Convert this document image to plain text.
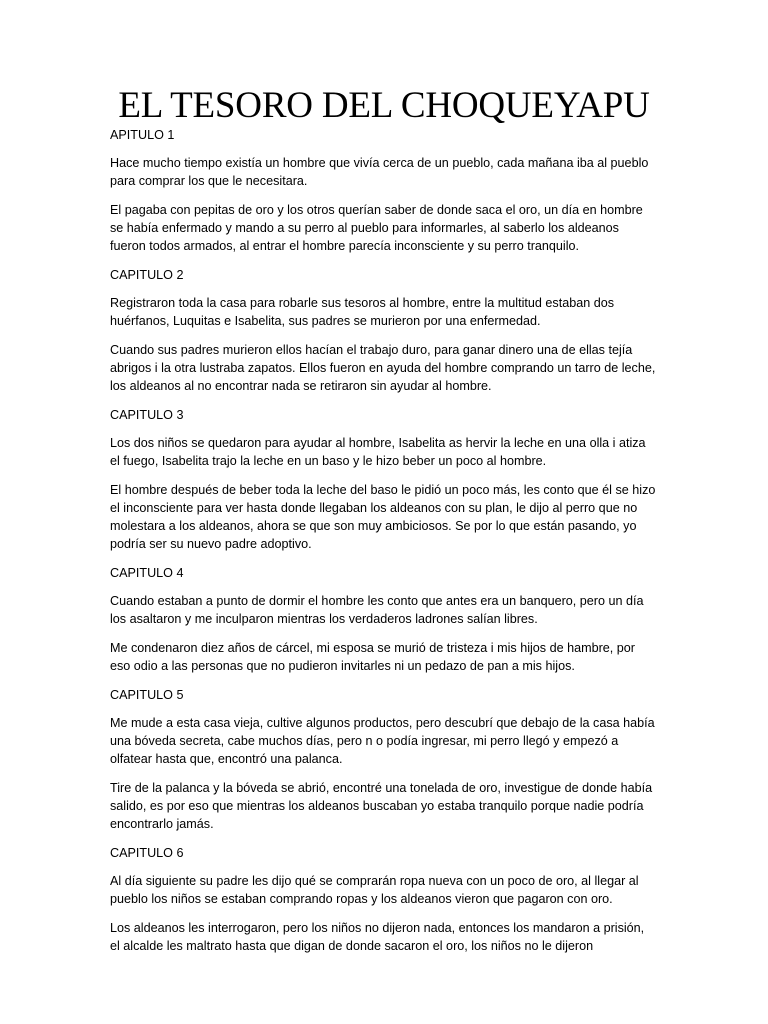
EL TESORO DEL CHOQUEYAPU

APITULO 1

Hace mucho tiempo existía un hombre que vivía cerca de un pueblo, cada mañana iba al pueblo para comprar los que le necesitara.

El pagaba con pepitas de oro y los otros querían saber de donde saca el oro, un día en hombre se había enfermado y mando a su perro al pueblo para informarles, al saberlo los aldeanos fueron todos armados, al entrar el hombre parecía inconsciente y su perro tranquilo.

CAPITULO 2

Registraron toda la casa para robarle sus tesoros al hombre, entre la multitud estaban dos huérfanos, Luquitas e Isabelita, sus padres se murieron por una enfermedad.

Cuando sus padres murieron ellos hacían el trabajo duro, para ganar dinero una de ellas tejía abrigos i la otra lustraba zapatos. Ellos fueron en ayuda del hombre comprando un tarro de leche, los aldeanos al no encontrar nada se retiraron sin ayudar al hombre.

CAPITULO 3

Los dos niños se quedaron para ayudar al hombre, Isabelita as hervir la leche en una olla i atiza el fuego, Isabelita trajo la leche en un baso y le hizo beber un poco al hombre.

El hombre después de beber toda la leche del baso le pidió un poco más, les conto que él se hizo el inconsciente para ver hasta donde llegaban los aldeanos con su plan, le dijo al perro que no molestara a los aldeanos, ahora se que son muy ambiciosos. Se por lo que están pasando, yo podría ser su nuevo padre adoptivo.

CAPITULO 4

Cuando estaban a punto de dormir el hombre les conto que antes era un banquero, pero un día los asaltaron y me inculparon mientras los verdaderos ladrones salían libres.

Me condenaron diez años de cárcel, mi esposa se murió de tristeza i mis hijos de hambre, por eso odio a las personas que no pudieron invitarles ni un pedazo de pan a mis hijos.

CAPITULO 5

Me mude a esta casa vieja, cultive algunos productos, pero descubrí que debajo de la casa había una bóveda secreta, cabe muchos días, pero n o podía ingresar, mi perro llegó y empezó a olfatear hasta que, encontró una palanca.

Tire de la palanca y la bóveda se abrió, encontré una tonelada de oro, investigue de donde había salido, es por eso que mientras los aldeanos buscaban yo estaba tranquilo porque nadie podría encontrarlo jamás.

CAPITULO 6

Al día siguiente su padre les dijo qué se comprarán ropa nueva con un poco de oro, al llegar al pueblo los niños se estaban comprando ropas y los aldeanos vieron que pagaron con oro.

Los aldeanos les interrogaron, pero los niños no dijeron nada, entonces los mandaron a prisión, el alcalde les maltrato hasta que digan de donde sacaron el oro, los niños no le dijeron
